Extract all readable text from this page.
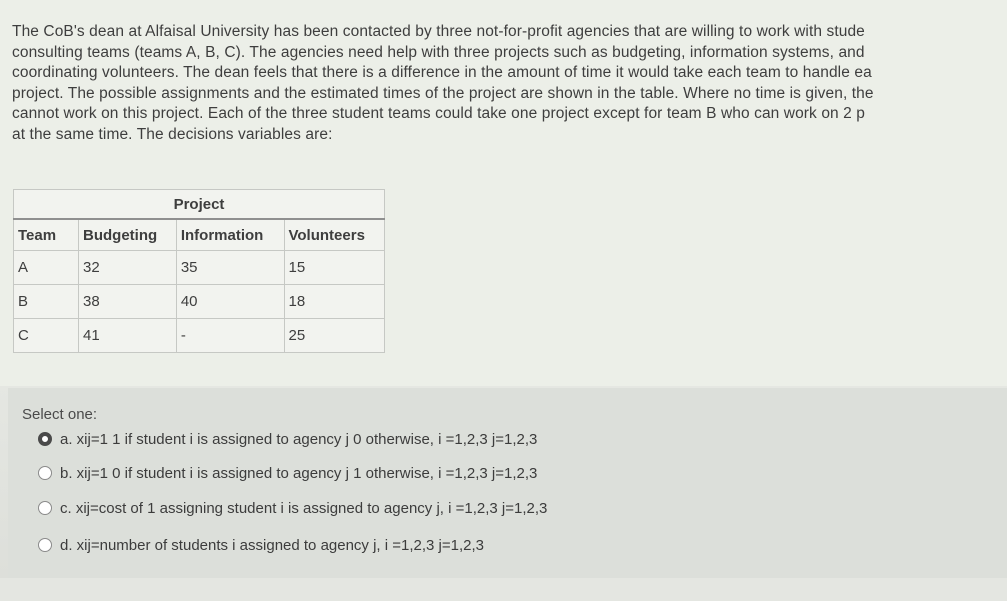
The CoB's dean at Alfaisal University has been contacted by three not-for-profit agencies that are willing to work with stude
consulting teams (teams A, B, C). The agencies need help with three projects such as budgeting, information systems, and
coordinating volunteers. The dean feels that there is a difference in the amount of time it would take each team to handle ea
project. The possible assignments and the estimated times of the project are shown in the table. Where no time is given, the
cannot work on this project. Each of the three student teams could take one project except for team B who can work on 2 p
at the same time. The decisions variables are:
Project			
Team	Budgeting	Information	Volunteers
A	32	35	15
B	38	40	18
C	41	-	25
Select one:
a. xij=1 1 if student i is assigned to agency j 0 otherwise, i =1,2,3 j=1,2,3
b. xij=1 0 if student i is assigned to agency j 1 otherwise, i =1,2,3 j=1,2,3
c. xij=cost of 1 assigning student i is assigned to agency j, i =1,2,3 j=1,2,3
d. xij=number of students i assigned to agency j, i =1,2,3 j=1,2,3
